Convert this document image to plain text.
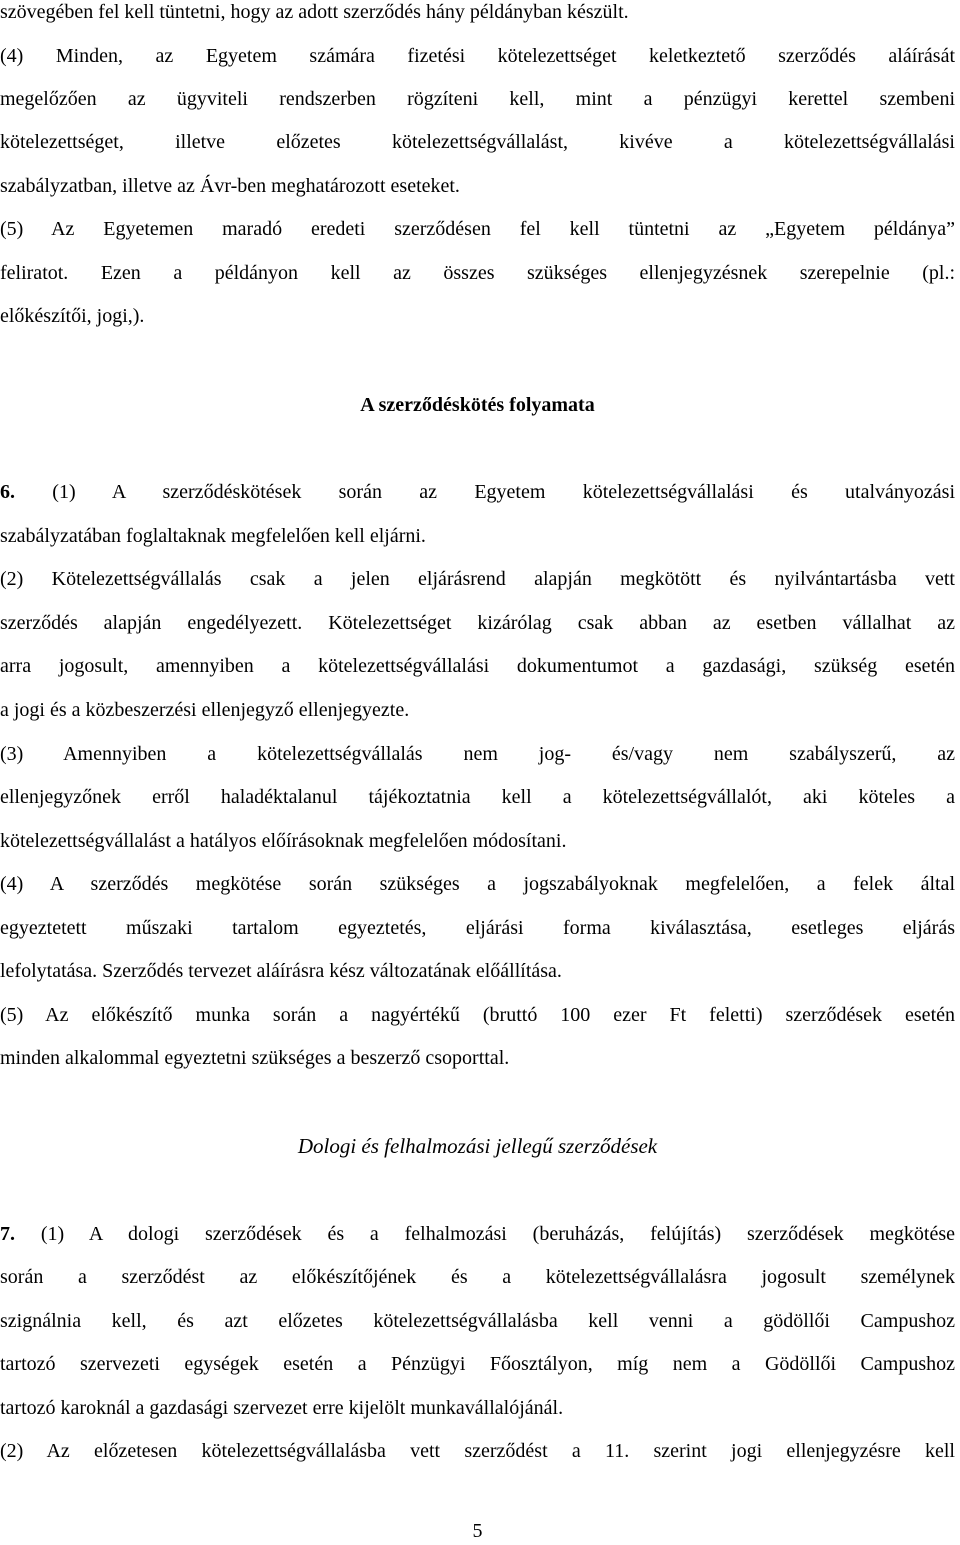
szövegében fel kell tüntetni, hogy az adott szerződés hány példányban készült.
(4) Minden, az Egyetem számára fizetési kötelezettséget keletkeztető szerződés aláírását
megelőzően az ügyviteli rendszerben rögzíteni kell, mint a pénzügyi kerettel szembeni
kötelezettséget, illetve előzetes kötelezettségvállalást, kivéve a kötelezettségvállalási
szabályzatban, illetve az Ávr-ben meghatározott eseteket.
(5) Az Egyetemen maradó eredeti szerződésen fel kell tüntetni az „Egyetem példánya”
feliratot. Ezen a példányon kell az összes szükséges ellenjegyzésnek szerepelnie (pl.:
előkészítői, jogi,).
A szerződéskötés folyamata
6. (1) A szerződéskötések során az Egyetem kötelezettségvállalási és utalványozási
szabályzatában foglaltaknak megfelelően kell eljárni.
(2) Kötelezettségvállalás csak a jelen eljárásrend alapján megkötött és nyilvántartásba vett
szerződés alapján engedélyezett. Kötelezettséget kizárólag csak abban az esetben vállalhat az
arra jogosult, amennyiben a kötelezettségvállalási dokumentumot a gazdasági, szükség esetén
a jogi és a közbeszerzési ellenjegyző ellenjegyezte.
(3) Amennyiben a kötelezettségvállalás nem jog- és/vagy nem szabályszerű, az
ellenjegyzőnek erről haladéktalanul tájékoztatnia kell a kötelezettségvállalót, aki köteles a
kötelezettségvállalást a hatályos előírásoknak megfelelően módosítani.
(4) A szerződés megkötése során szükséges a jogszabályoknak megfelelően, a felek által
egyeztetett műszaki tartalom egyeztetés, eljárási forma kiválasztása, esetleges eljárás
lefolytatása. Szerződés tervezet aláírásra kész változatának előállítása.
(5) Az előkészítő munka során a nagyértékű (bruttó 100 ezer Ft feletti) szerződések esetén
minden alkalommal egyeztetni szükséges a beszerző csoporttal.
Dologi és felhalmozási jellegű szerződések
7. (1) A dologi szerződések és a felhalmozási (beruházás, felújítás) szerződések megkötése
során a szerződést az előkészítőjének és a kötelezettségvállalásra jogosult személynek
szignálnia kell, és azt előzetes kötelezettségvállalásba kell venni a gödöllői Campushoz
tartozó szervezeti egységek esetén a Pénzügyi Főosztályon, míg nem a Gödöllői Campushoz
tartozó karoknál a gazdasági szervezet erre kijelölt munkavállalójánál.
(2) Az előzetesen kötelezettségvállalásba vett szerződést a 11. szerint jogi ellenjegyzésre kell
5
